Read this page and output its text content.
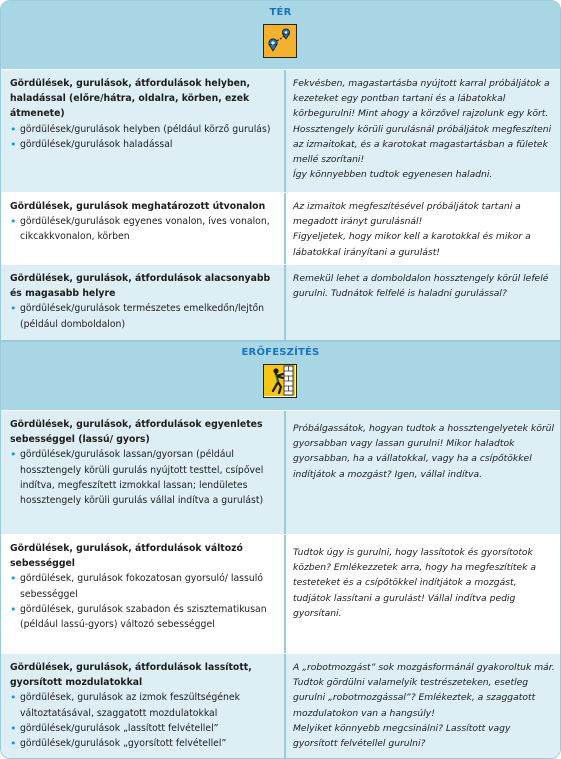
TÉR
Gördülések, gurulások, átfordulások helyben, haladással (előre/hátra, oldalra, körben, ezek átmenete)
• gördülések/gurulások helyben (például körző gurulás)
• gördülések/gurulások haladással
Fekvésben, magastartásba nyújtott karral próbáljátok a kezeteket egy pontban tartani és a lábatokkal körbegurulni! Mint ahogy a körzővel rajzolunk egy kört.
Hossztengely körüli gurulásnál próbáljátok megfeszíteni az izmaitokat, és a karotokat magastartásban a fületek mellé szorítani!
Így könnyebben tudtok egyenesen haladni.
Gördülések, gurulások meghatározott útvonalon
• gördülések/gurulások egyenes vonalon, íves vonalon, cikcakkvonalon, körben
Az izmaitok megfeszítésével próbáljátok tartani a megadott irányt gurulásnál!
Figyeljetek, hogy mikor kell a karotokkal és mikor a lábatokkal irányítani a gurulást!
Gördülések, gurulások, átfordulások alacsonyabb és magasabb helyre
• gördülések/gurulások természetes emelkedőn/lejtőn (például domboldalon)
Remekül lehet a domboldalon hossztengely körül lefelé gurulni. Tudnátok felfelé is haladni gurulással?
ERŐFESZÍTÉS
Gördülések, gurulások, átfordulások egyenletes sebességgel (lassú/ gyors)
• gördülések/gurulások lassan/gyorsan (például hossztengely körüli gurulás nyújtott testtel, csípővel indítva, megfeszített izmokkal lassan; lendületes hossztengely körüli gurulás vállal indítva a gurulást)
Próbálgassátok, hogyan tudtok a hossztengelyetek körül gyorsabban vagy lassan gurulni! Mikor haladtok gyorsabban, ha a vállatokkal, vagy ha a csípőtökkel indítjátok a mozgást? Igen, vállal indítva.
Gördülések, gurulások, átfordulások változó sebességgel
• gördülések, gurulások fokozatosan gyorsuló/ lassuló sebességgel
• gördülések, gurulások szabadon és szisztematikusan (például lassú-gyors) változó sebességgel
Tudtok úgy is gurulni, hogy lassítotok és gyorsítotok közben? Emlékezzetek arra, hogy ha megfeszítitek a testeteket és a csípőtökkel indítjátok a mozgást, tudjátok lassítani a gurulást! Vállal indítva pedig gyorsítani.
Gördülések, gurulások, átfordulások lassított, gyorsított mozdulatokkal
• gördülések, gurulások az izmok feszültségének változtatásával, szaggatott mozdulatokkal
• gördülések/gurulások „lassított felvétellel”
• gördülések/gurulások „gyorsított felvétellel”
A „robotmozgást” sok mozgásformánál gyakoroltuk már. Tudtok gördülni valamelyik testrészeteken, esetleg gurulni „robotmozgással”? Emlékeztek, a szaggatott mozdulatokon van a hangsúly!
Melyiket könnyebb megcsinálni? Lassított vagy gyorsított felvétellel gurulni?
